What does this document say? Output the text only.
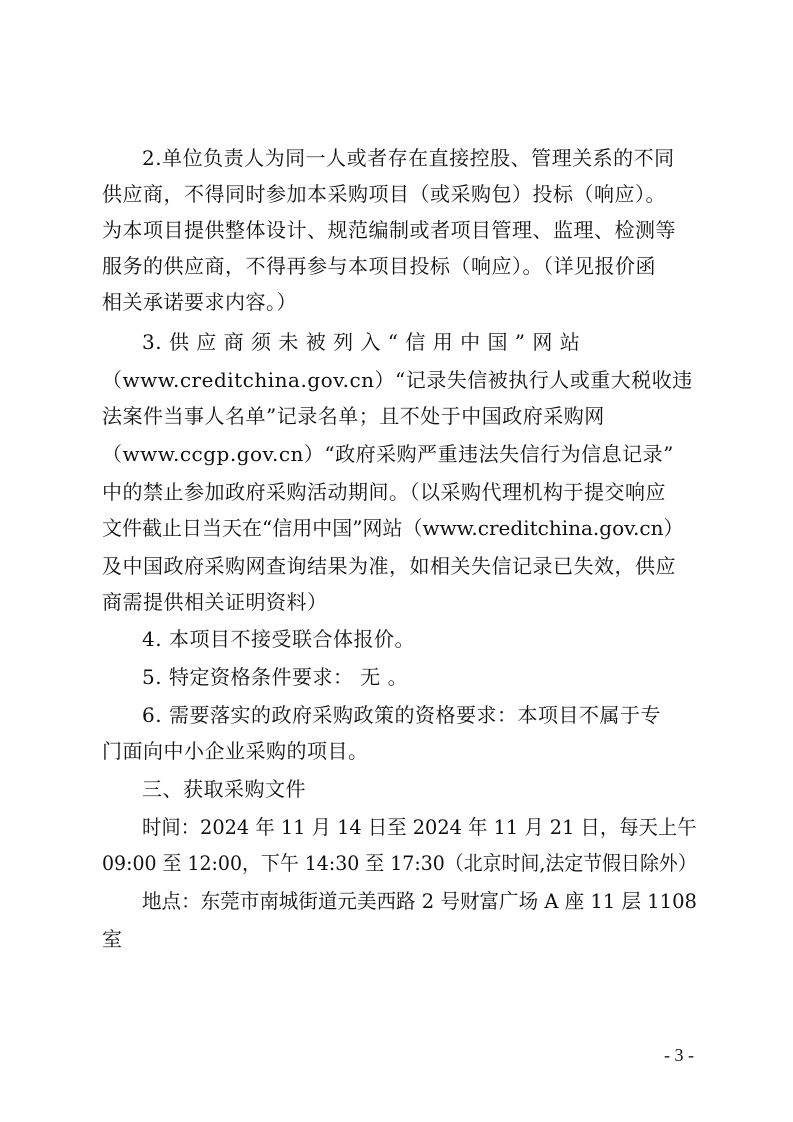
2.单位负责人为同一人或者存在直接控股、管理关系的不同
供应商，不得同时参加本采购项目（或采购包）投标（响应）。
为本项目提供整体设计、规范编制或者项目管理、监理、检测等
服务的供应商，不得再参与本项目投标（响应）。（详见报价函
相关承诺要求内容。）
3. 供 应 商 须 未 被 列 入 “ 信 用 中 国 ” 网 站
（www.creditchina.gov.cn）“记录失信被执行人或重大税收违
法案件当事人名单”记录名单；且不处于中国政府采购网
（www.ccgp.gov.cn）“政府采购严重违法失信行为信息记录”
中的禁止参加政府采购活动期间。（以采购代理机构于提交响应
文件截止日当天在“信用中国”网站（www.creditchina.gov.cn）
及中国政府采购网查询结果为准，如相关失信记录已失效，供应
商需提供相关证明资料）
4. 本项目不接受联合体报价。
5. 特定资格条件要求： 无 。
6. 需要落实的政府采购政策的资格要求：本项目不属于专
门面向中小企业采购的项目。
三、获取采购文件
时间：2024 年 11 月 14 日至 2024 年 11 月 21 日，每天上午
09:00 至 12:00，下午 14:30 至 17:30（北京时间,法定节假日除外）
地点：东莞市南城街道元美西路 2 号财富广场 A 座 11 层 1108
室
- 3 -
